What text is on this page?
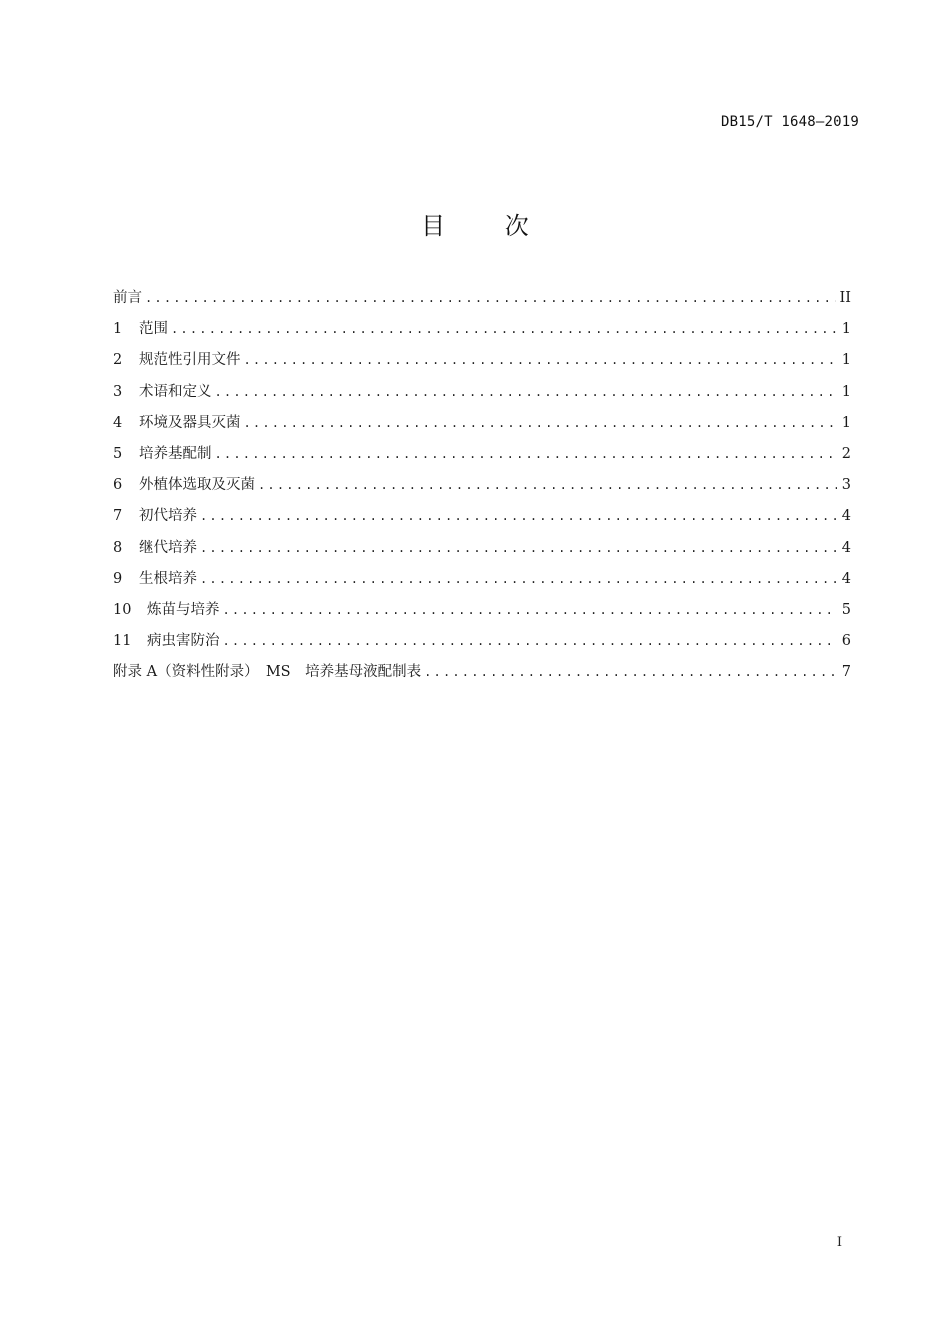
DB15/T 1648—2019
目 次
前言 .....	II
1	范围 .....	1
2	规范性引用文件 .....	1
3	术语和定义 .....	1
4	环境及器具灭菌 .....	1
5	培养基配制 .....	2
6	外植体选取及灭菌 .....	3
7	初代培养 .....	4
8	继代培养 .....	4
9	生根培养 .....	4
10	炼苗与培养 .....	5
11	病虫害防治 .....	6
附录 A（资料性附录）　MS　培养基母液配制表 .....	7
I
